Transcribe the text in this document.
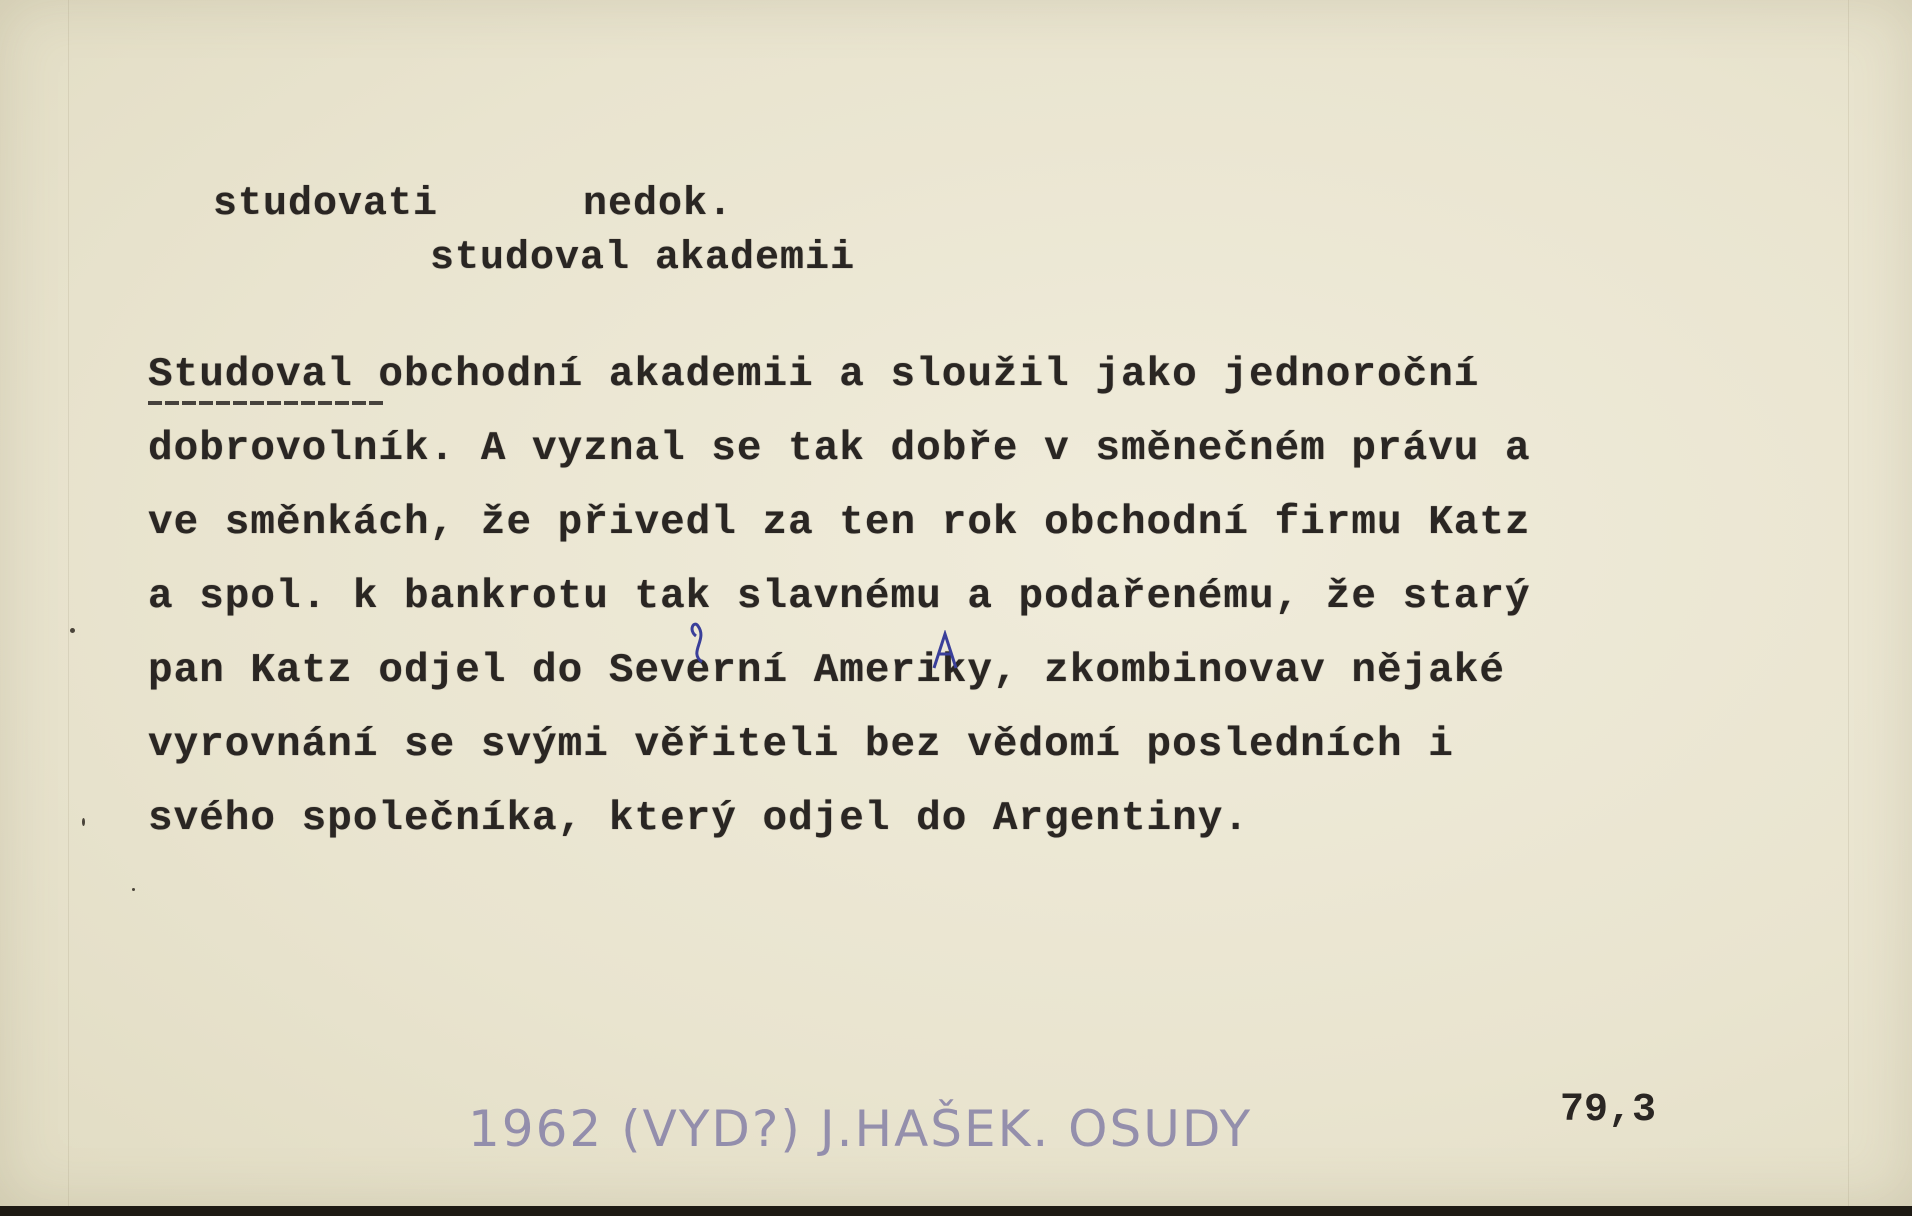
studovati	nedok.
studoval akademii
Studoval obchodní akademii a sloužil jako jednoroční
dobrovolník. A vyznal se tak dobře v směnečném právu a
ve směnkách, že přivedl za ten rok obchodní firmu Katz
a spol. k bankrotu tak slavnému a podařenému, že starý
pan Katz odjel do Severní Ameriky, zkombinovav nějaké
vyrovnání se svými věřiteli bez vědomí posledních i
svého společníka, který odjel do Argentiny.
1962 (VYD?) J.HAŠEK. OSUDY	79,3
